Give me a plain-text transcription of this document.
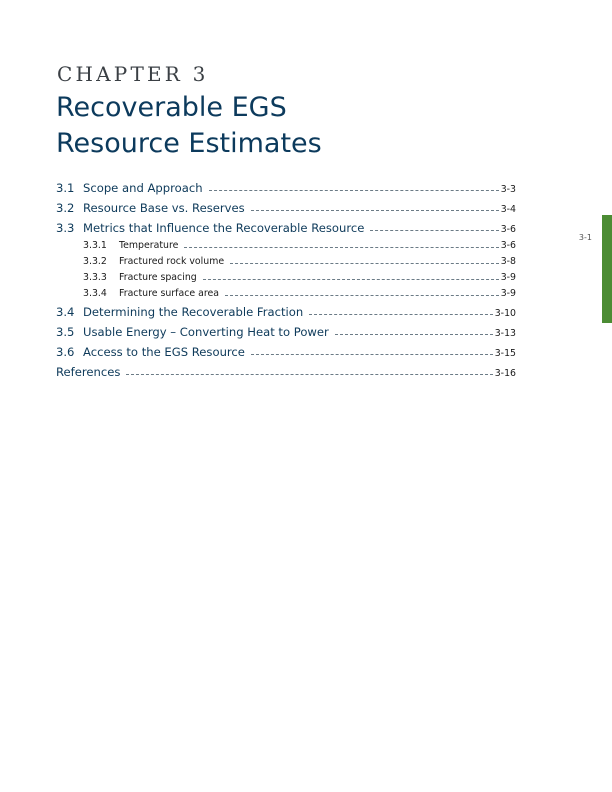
CHAPTER 3
Recoverable EGS
Resource Estimates
3.1 Scope and Approach	3-3
3.2 Resource Base vs. Reserves	3-4
3.3 Metrics that Influence the Recoverable Resource	3-6
3.3.1	Temperature	3-6
3.3.2	Fractured rock volume	3-8
3.3.3	Fracture spacing	3-9
3.3.4	Fracture surface area	3-9
3.4 Determining the Recoverable Fraction	3-10
3.5 Usable Energy – Converting Heat to Power	3-13
3.6 Access to the EGS Resource	3-15
References	3-16
3-1
